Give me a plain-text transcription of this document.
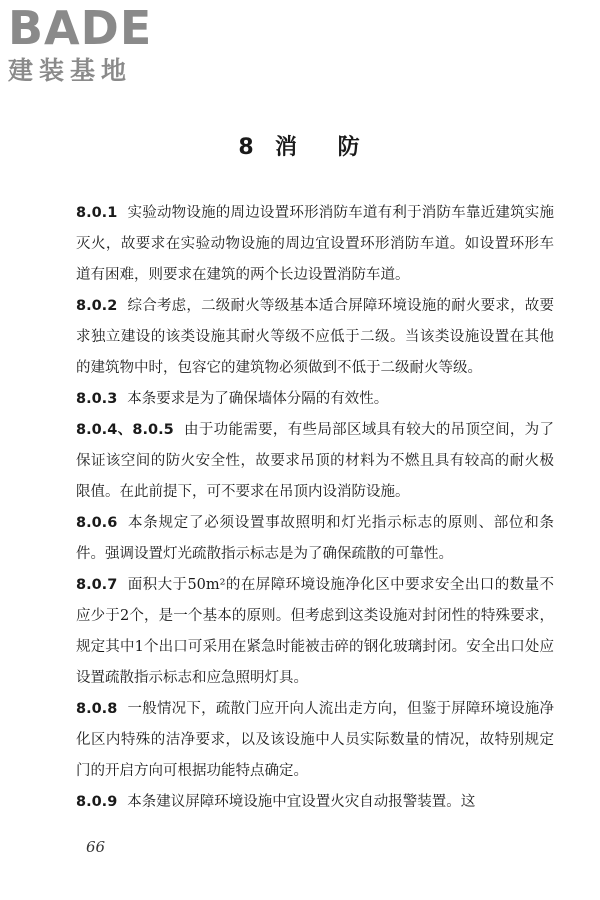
BADE
建装基地
8  消    防

8.0.1 实验动物设施的周边设置环形消防车道有利于消防车靠近建筑实施灭火，故要求在实验动物设施的周边宜设置环形消防车道。如设置环形车道有困难，则要求在建筑的两个长边设置消防车道。

8.0.2 综合考虑，二级耐火等级基本适合屏障环境设施的耐火要求，故要求独立建设的该类设施其耐火等级不应低于二级。当该类设施设置在其他的建筑物中时，包容它的建筑物必须做到不低于二级耐火等级。

8.0.3 本条要求是为了确保墙体分隔的有效性。

8.0.4、8.0.5 由于功能需要，有些局部区域具有较大的吊顶空间，为了保证该空间的防火安全性，故要求吊顶的材料为不燃且具有较高的耐火极限值。在此前提下，可不要求在吊顶内设消防设施。

8.0.6 本条规定了必须设置事故照明和灯光指示标志的原则、部位和条件。强调设置灯光疏散指示标志是为了确保疏散的可靠性。

8.0.7 面积大于50m²的在屏障环境设施净化区中要求安全出口的数量不应少于2个，是一个基本的原则。但考虑到这类设施对封闭性的特殊要求，规定其中1个出口可采用在紧急时能被击碎的钢化玻璃封闭。安全出口处应设置疏散指示标志和应急照明灯具。

8.0.8 一般情况下，疏散门应开向人流出走方向，但鉴于屏障环境设施净化区内特殊的洁净要求，以及该设施中人员实际数量的情况，故特别规定门的开启方向可根据功能特点确定。

8.0.9 本条建议屏障环境设施中宜设置火灾自动报警装置。这

66
